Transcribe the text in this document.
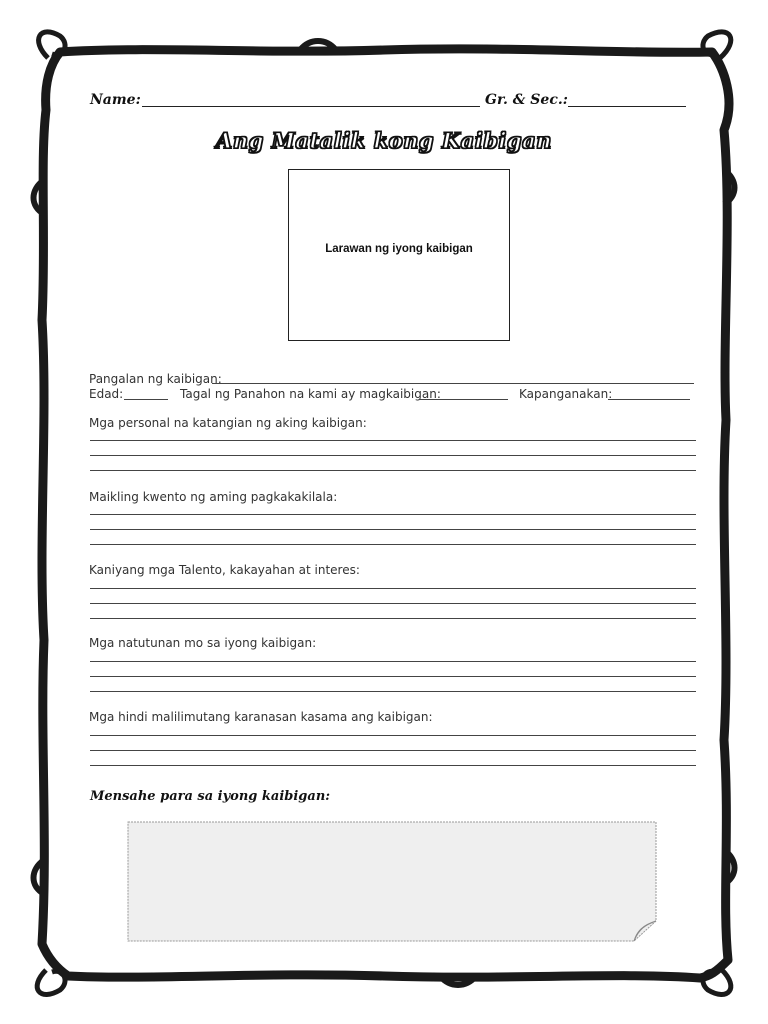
Name:	Gr. & Sec.:
Ang Matalik kong Kaibigan
Larawan ng iyong kaibigan
Pangalan ng kaibigan:
Edad:	Tagal ng Panahon na kami ay magkaibigan:	Kapanganakan:
Mga personal na katangian ng aking kaibigan:
Maikling kwento ng aming pagkakakilala:
Kaniyang mga Talento, kakayahan at interes:
Mga natutunan mo sa iyong kaibigan:
Mga hindi malilimutang karanasan kasama ang kaibigan:
Mensahe para sa iyong kaibigan:
